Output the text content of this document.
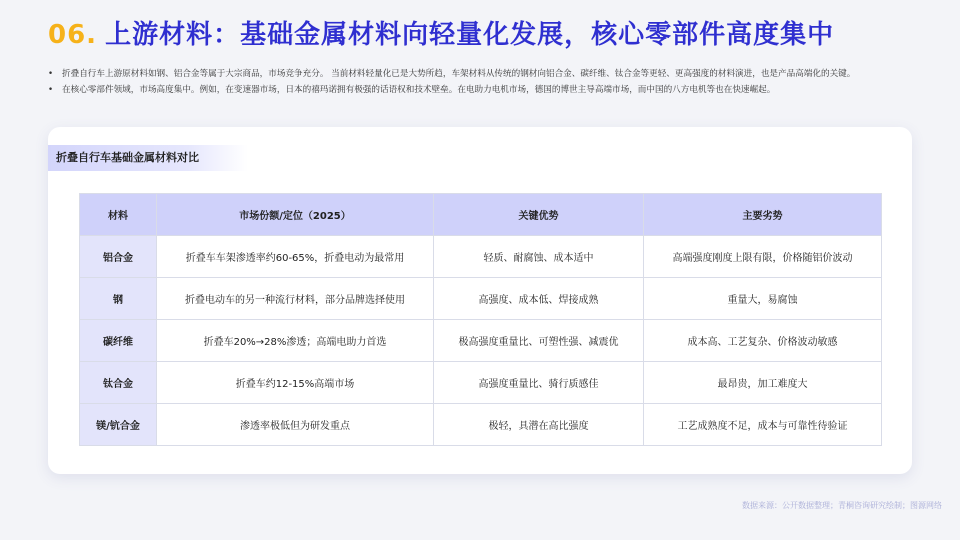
06. 上游材料：基础金属材料向轻量化发展，核心零部件高度集中
• 折叠自行车上游原材料如钢、铝合金等属于大宗商品，市场竞争充分。 当前材料轻量化已是大势所趋，车架材料从传统的钢材向铝合金、碳纤维、钛合金等更轻、更高强度的材料演进，也是产品高端化的关键。
• 在核心零部件领域，市场高度集中。例如，在变速器市场，日本的禧玛诺拥有极强的话语权和技术壁垒。在电助力电机市场，德国的博世主导高端市场，而中国的八方电机等也在快速崛起。
折叠自行车基础金属材料对比
材料	市场份额/定位（2025）	关键优势	主要劣势
铝合金	折叠车车架渗透率约60-65%，折叠电动为最常用	轻质、耐腐蚀、成本适中	高端强度刚度上限有限，价格随铝价波动
钢	折叠电动车的另一种流行材料，部分品牌选择使用	高强度、成本低、焊接成熟	重量大，易腐蚀
碳纤维	折叠车20%→28%渗透；高端电助力首选	极高强度重量比、可塑性强、减震优	成本高、工艺复杂、价格波动敏感
钛合金	折叠车约12-15%高端市场	高强度重量比、骑行质感佳	最昂贵，加工难度大
镁/钪合金	渗透率极低但为研发重点	极轻，具潜在高比强度	工艺成熟度不足，成本与可靠性待验证
数据来源：公开数据整理；青桐咨询研究绘制；图源网络
